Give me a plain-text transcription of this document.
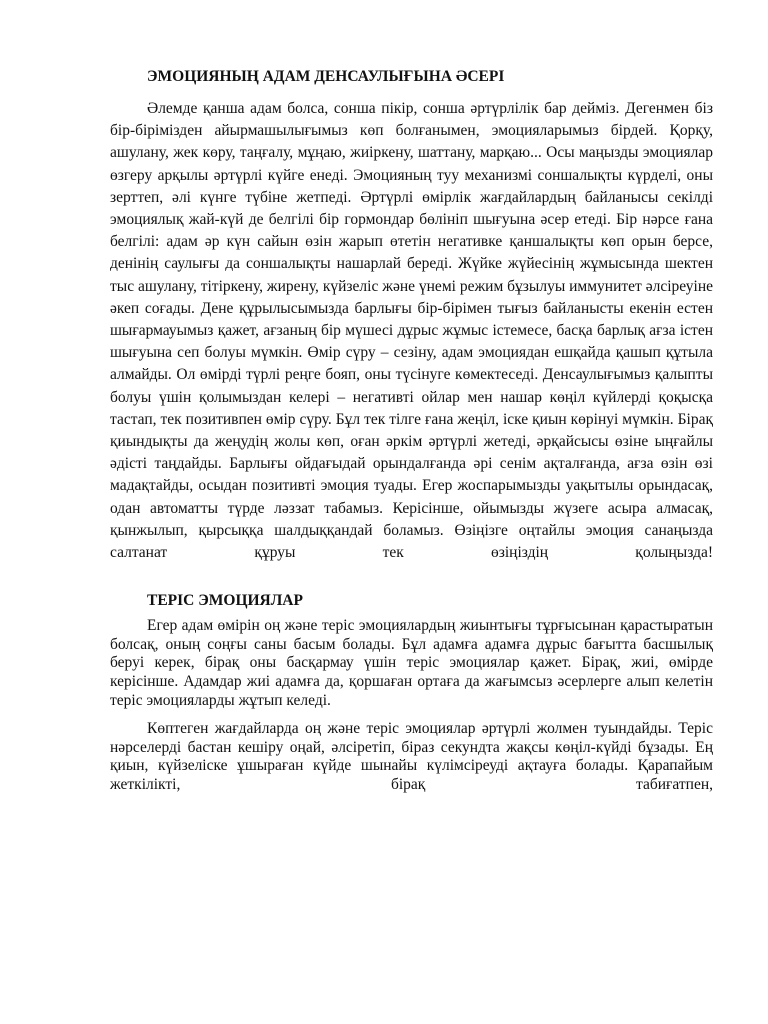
ЭМОЦИЯНЫҢ АДАМ ДЕНСАУЛЫҒЫНА ӘСЕРІ

Әлемде қанша адам болса, сонша пікір, сонша әртүрлілік бар дейміз. Дегенмен біз бір-бірімізден айырмашылығымыз көп болғанымен, эмоцияларымыз бірдей. Қорқу, ашулану, жек көру, таңғалу, мұңаю, жиіркену, шаттану, марқаю... Осы маңызды эмоциялар өзгеру арқылы әртүрлі күйге енеді. Эмоцияның туу механизмі соншалықты күрделі, оны зерттеп, әлі күнге түбіне жетпеді. Әртүрлі өмірлік жағдайлардың байланысы секілді эмоциялық жай-күй де белгілі бір гормондар бөлініп шығуына әсер етеді. Бір нәрсе ғана белгілі: адам әр күн сайын өзін жарып өтетін негативке қаншалықты көп орын берсе, денінің саулығы да соншалықты нашарлай береді. Жүйке жүйесінің жұмысында шектен тыс ашулану, тітіркену, жирену, күйзеліс және үнемі режим бұзылуы иммунитет әлсіреуіне әкеп соғады. Дене құрылысымызда барлығы бір-бірімен тығыз байланысты екенін естен шығармауымыз қажет, ағзаның бір мүшесі дұрыс жұмыс істемесе, басқа барлық ағза істен шығуына сеп болуы мүмкін. Өмір сүру – сезіну, адам эмоциядан ешқайда қашып құтыла алмайды. Ол өмірді түрлі реңге бояп, оны түсінуге көмектеседі. Денсаулығымыз қалыпты болуы үшін қолымыздан келері – негативті ойлар мен нашар көңіл күйлерді қоқысқа тастап, тек позитивпен өмір сүру. Бұл тек тілге ғана жеңіл, іске қиын көрінуі мүмкін. Бірақ қиындықты да жеңудің жолы көп, оған әркім әртүрлі жетеді, әрқайсысы өзіне ыңғайлы әдісті таңдайды. Барлығы ойдағыдай орындалғанда әрі сенім ақталғанда, ағза өзін өзі мадақтайды, осыдан позитивті эмоция туады. Егер жоспарымызды уақытылы орындасақ, одан автоматты түрде ләззат табамыз. Керісінше, ойымызды жүзеге асыра алмасақ, қынжылып, қырсыққа шалдыққандай боламыз. Өзіңізге оңтайлы эмоция санаңызда салтанат құруы тек өзіңіздің қолыңызда!

ТЕРІС ЭМОЦИЯЛАР

Егер адам өмірін оң және теріс эмоциялардың жиынтығы тұрғысынан қарастыратын болсақ, оның соңғы саны басым болады. Бұл адамға адамға дұрыс бағытта басшылық беруі керек, бірақ оны басқармау үшін теріс эмоциялар қажет. Бірақ, жиі, өмірде керісінше. Адамдар жиі адамға да, қоршаған ортаға да жағымсыз әсерлерге алып келетін теріс эмоцияларды жұтып келеді.

Көптеген жағдайларда оң және теріс эмоциялар әртүрлі жолмен туындайды. Теріс нәрселерді бастан кешіру оңай, әлсіретіп, біраз секундта жақсы көңіл-күйді бұзады. Ең қиын, күйзеліске ұшыраған күйде шынайы күлімсіреуді ақтауға болады. Қарапайым жеткілікті, бірақ табиғатпен,
